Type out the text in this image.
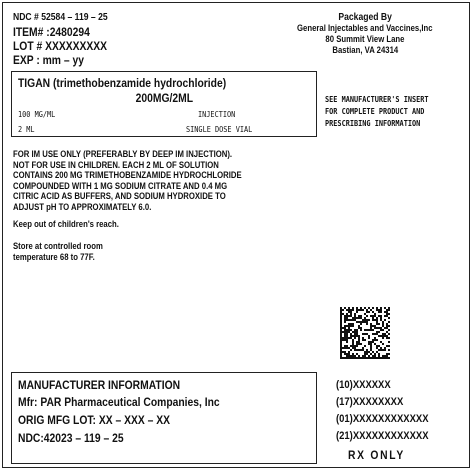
NDC # 52584 – 119 – 25
ITEM# :2480294
LOT # XXXXXXXXX
EXP : mm – yy
Packaged By
General Injectables and Vaccines,Inc
80 Summit View Lane
Bastian, VA 24314
TIGAN (trimethobenzamide hydrochloride)
200MG/2ML
100 MG/ML	INJECTION
2 ML	SINGLE DOSE VIAL
SEE MANUFACTURER'S INSERT
FOR COMPLETE PRODUCT AND
PRESCRIBING INFORMATION
FOR IM USE ONLY (PREFERABLY BY DEEP IM INJECTION).
NOT FOR USE IN CHILDREN. EACH 2 ML OF SOLUTION
CONTAINS 200 MG TRIMETHOBENZAMIDE HYDROCHLORIDE
COMPOUNDED WITH 1 MG SODIUM CITRATE AND 0.4 MG
CITRIC ACID AS BUFFERS, AND SODIUM HYDROXIDE TO
ADJUST pH TO APPROXIMATELY 6.0.
Keep out of children's reach.
Store at controlled room
temperature 68 to 77F.
MANUFACTURER INFORMATION
Mfr: PAR Pharmaceutical Companies, Inc
ORIG MFG LOT: XX – XXX – XX
NDC:42023 – 119 – 25
(10)XXXXXX
(17)XXXXXXXX
(01)XXXXXXXXXXXX
(21)XXXXXXXXXXXX
RX ONLY
